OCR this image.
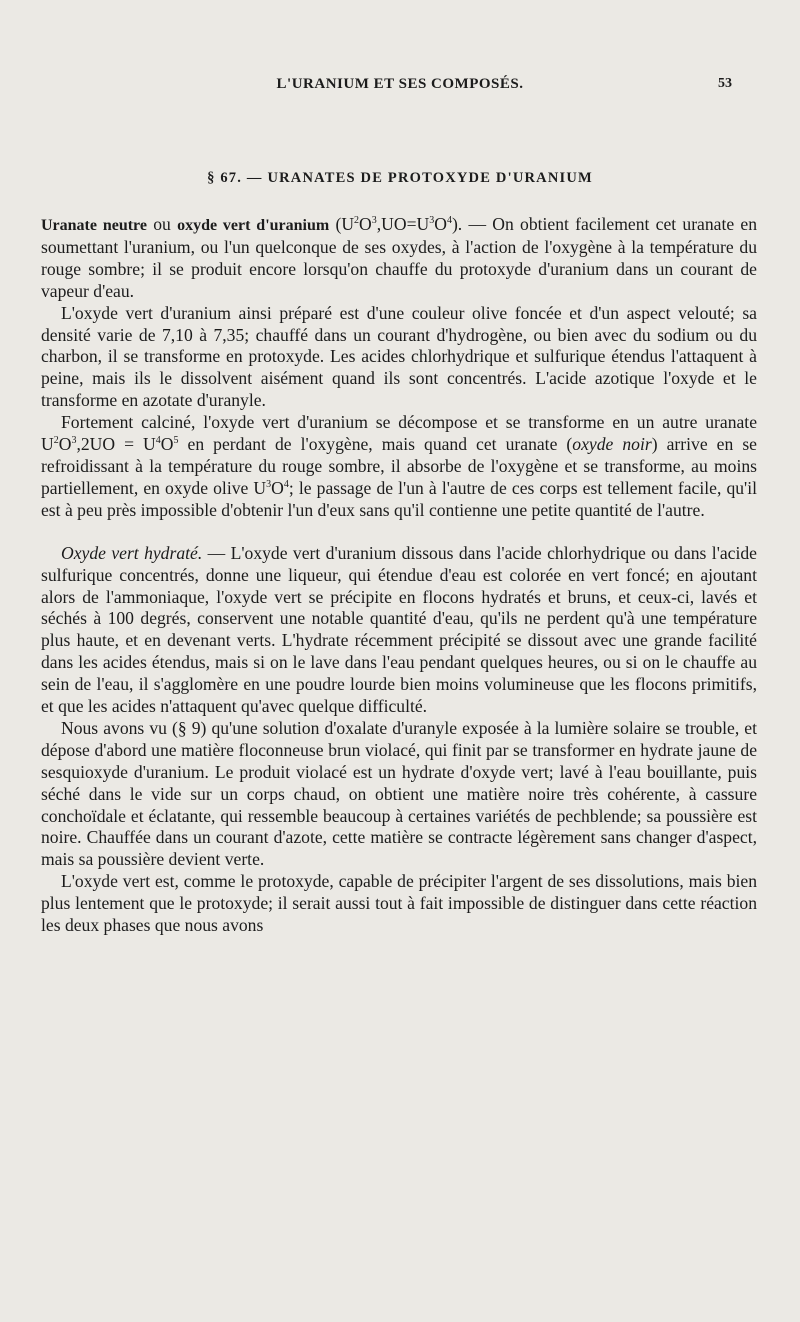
L'URANIUM ET SES COMPOSÉS.	53
§ 67. — URANATES DE PROTOXYDE D'URANIUM

Uranate neutre ou oxyde vert d'uranium $(U^2O^3,UO=U^3O^4)$. — On obtient facilement cet uranate en soumettant l'uranium, ou l'un quelconque de ses oxydes, à l'action de l'oxygène à la température du rouge sombre; il se produit encore lorsqu'on chauffe du protoxyde d'uranium dans un courant de vapeur d'eau.

L'oxyde vert d'uranium ainsi préparé est d'une couleur olive foncée et d'un aspect velouté; sa densité varie de 7,10 à 7,35; chauffé dans un courant d'hydrogène, ou bien avec du sodium ou du charbon, il se transforme en protoxyde. Les acides chlorhydrique et sulfurique étendus l'attaquent à peine, mais ils le dissolvent aisément quand ils sont concentrés. L'acide azotique l'oxyde et le transforme en azotate d'uranyle.

Fortement calciné, l'oxyde vert d'uranium se décompose et se transforme en un autre uranate $U^2O^3,2UO = U^4O^5$ en perdant de l'oxygène, mais quand cet uranate (oxyde noir) arrive en se refroidissant à la température du rouge sombre, il absorbe de l'oxygène et se transforme, au moins partiellement, en oxyde olive $U^3O^4$; le passage de l'un à l'autre de ces corps est tellement facile, qu'il est à peu près impossible d'obtenir l'un d'eux sans qu'il contienne une petite quantité de l'autre.

Oxyde vert hydraté. — L'oxyde vert d'uranium dissous dans l'acide chlorhydrique ou dans l'acide sulfurique concentrés, donne une liqueur, qui étendue d'eau est colorée en vert foncé; en ajoutant alors de l'ammoniaque, l'oxyde vert se précipite en flocons hydratés et bruns, et ceux-ci, lavés et séchés à 100 degrés, conservent une notable quantité d'eau, qu'ils ne perdent qu'à une température plus haute, et en devenant verts. L'hydrate récemment précipité se dissout avec une grande facilité dans les acides étendus, mais si on le lave dans l'eau pendant quelques heures, ou si on le chauffe au sein de l'eau, il s'agglomère en une poudre lourde bien moins volumineuse que les flocons primitifs, et que les acides n'attaquent qu'avec quelque difficulté.

Nous avons vu (§ 9) qu'une solution d'oxalate d'uranyle exposée à la lumière solaire se trouble, et dépose d'abord une matière floconneuse brun violacé, qui finit par se transformer en hydrate jaune de sesquioxyde d'uranium. Le produit violacé est un hydrate d'oxyde vert; lavé à l'eau bouillante, puis séché dans le vide sur un corps chaud, on obtient une matière noire très cohérente, à cassure conchoïdale et éclatante, qui ressemble beaucoup à certaines variétés de pechblende; sa poussière est noire. Chauffée dans un courant d'azote, cette matière se contracte légèrement sans changer d'aspect, mais sa poussière devient verte.

L'oxyde vert est, comme le protoxyde, capable de précipiter l'argent de ses dissolutions, mais bien plus lentement que le protoxyde; il serait aussi tout à fait impossible de distinguer dans cette réaction les deux phases que nous avons
